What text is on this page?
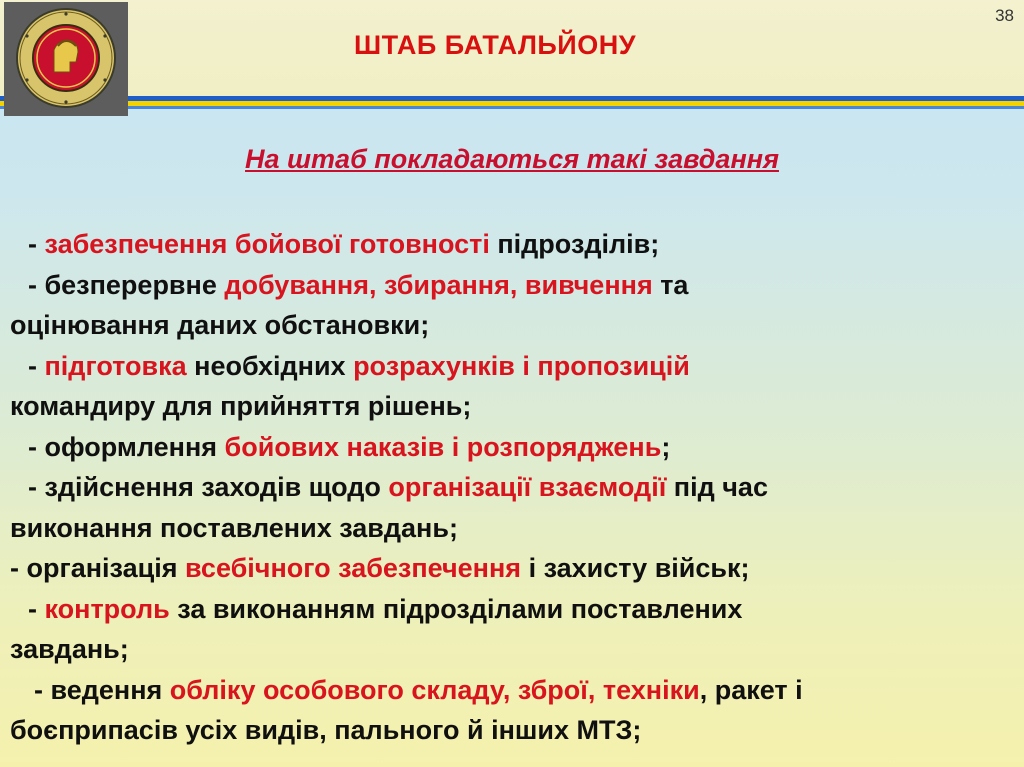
38
ШТАБ БАТАЛЬЙОНУ
На штаб покладаються такі завдання
- забезпечення бойової готовності підрозділів;
- безперервне добування, збирання, вивчення та
оцінювання даних обстановки;
- підготовка необхідних розрахунків і пропозицій
командиру для прийняття рішень;
- оформлення бойових наказів і розпоряджень;
- здійснення заходів щодо організації взаємодії під час
виконання поставлених завдань;
- організація всебічного забезпечення і захисту військ;
- контроль за виконанням підрозділами поставлених
завдань;
- ведення обліку особового складу, зброї, техніки, ракет і
боєприпасів усіх видів, пального й інших МТЗ;
